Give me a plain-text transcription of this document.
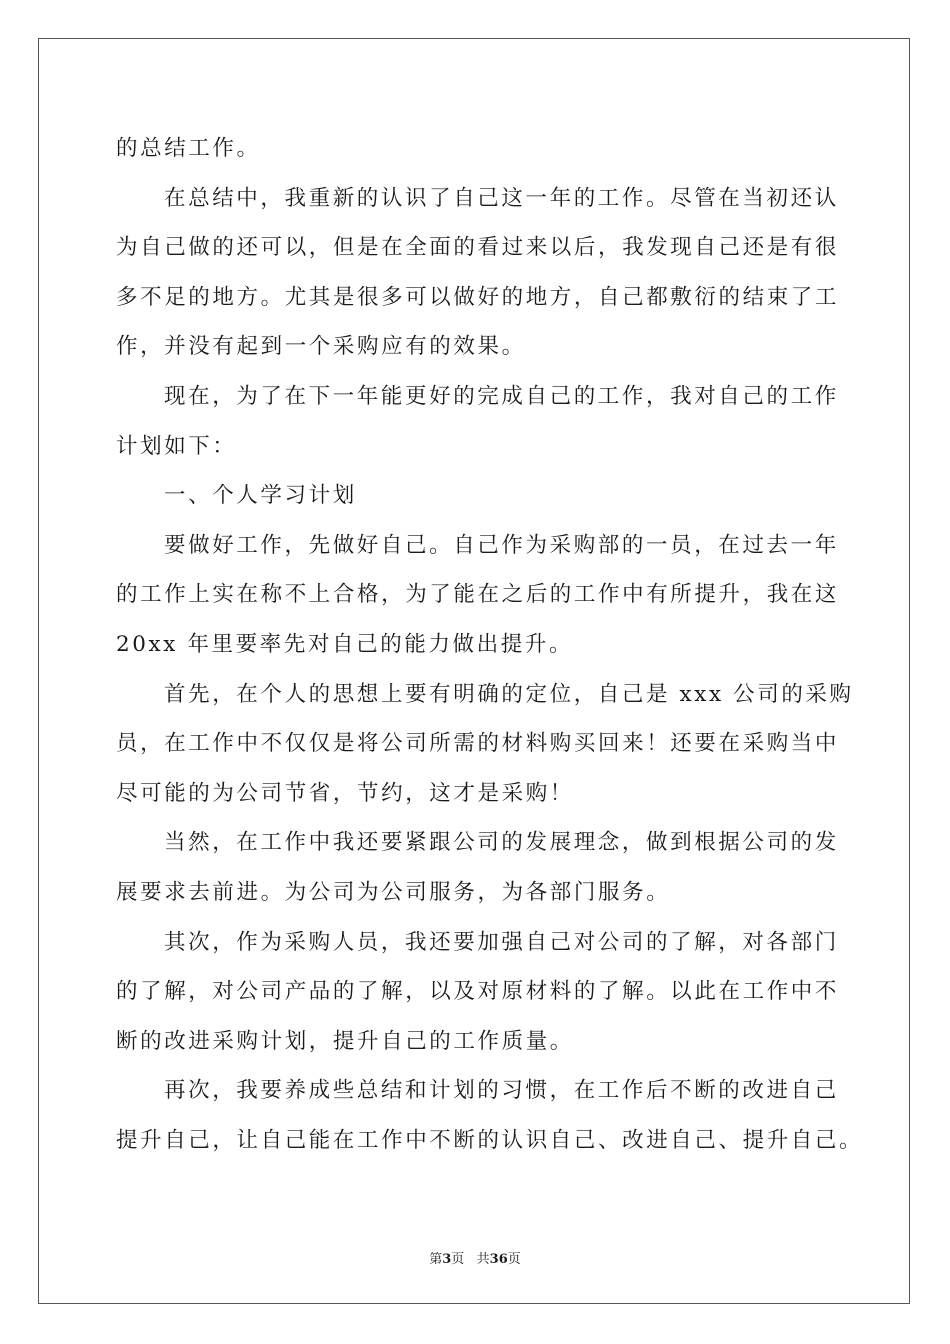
的总结工作。
在总结中，我重新的认识了自己这一年的工作。尽管在当初还认
为自己做的还可以，但是在全面的看过来以后，我发现自己还是有很
多不足的地方。尤其是很多可以做好的地方，自己都敷衍的结束了工
作，并没有起到一个采购应有的效果。
现在，为了在下一年能更好的完成自己的工作，我对自己的工作
计划如下：
一、个人学习计划
要做好工作，先做好自己。自己作为采购部的一员，在过去一年
的工作上实在称不上合格，为了能在之后的工作中有所提升，我在这
20xx 年里要率先对自己的能力做出提升。
首先，在个人的思想上要有明确的定位，自己是 xxx 公司的采购
员，在工作中不仅仅是将公司所需的材料购买回来！还要在采购当中
尽可能的为公司节省，节约，这才是采购！
当然，在工作中我还要紧跟公司的发展理念，做到根据公司的发
展要求去前进。为公司为公司服务，为各部门服务。
其次，作为采购人员，我还要加强自己对公司的了解，对各部门
的了解，对公司产品的了解，以及对原材料的了解。以此在工作中不
断的改进采购计划，提升自己的工作质量。
再次，我要养成些总结和计划的习惯，在工作后不断的改进自己
提升自己，让自己能在工作中不断的认识自己、改进自己、提升自己。
第3页   共36页
